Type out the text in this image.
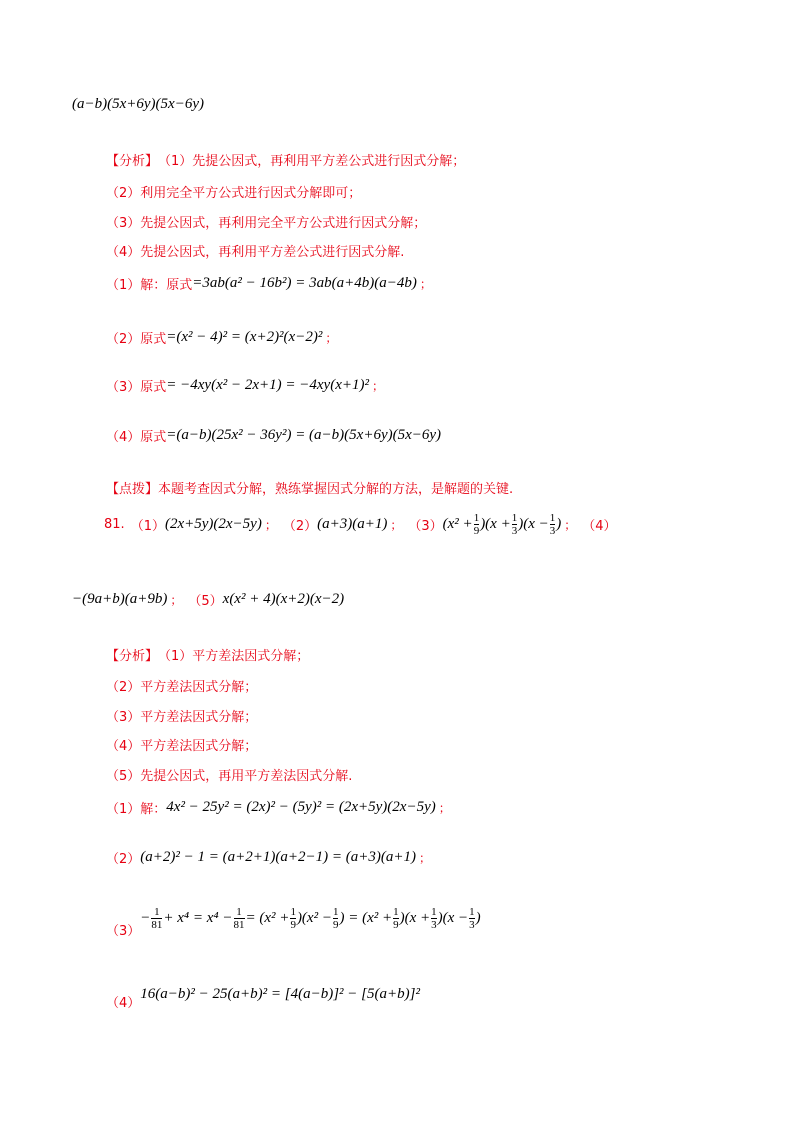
(a−b)(5x+6y)(5x−6y)
【分析】 （1）先提公因式，再利用平方差公式进行因式分解；
（2）利用完全平方公式进行因式分解即可；
（3）先提公因式，再利用完全平方公式进行因式分解；
（4）先提公因式，再利用平方差公式进行因式分解.
（1）解：原式 =3ab(a² − 16b²) = 3ab(a+4b)(a−4b) ；
（2）原式 =(x² − 4)² = (x+2)²(x−2)² ；
（3）原式 = −4xy(x² − 2x+1) = −4xy(x+1)² ；
（4）原式 =(a−b)(25x² − 36y²) = (a−b)(5x+6y)(5x−6y)
【点拨】本题考查因式分解，熟练掌握因式分解的方法，是解题的关键.
81. （1） (2x+5y)(2x−5y) ； （2） (a+3)(a+1) ； （3） $(x^2 + \frac{1}{9} )(x + \frac{1}{3} )(x - \frac{1}{3}$ ) ； （4）
−(9a+b)(a+9b) ； （5） x(x² + 4)(x+2)(x−2)
【分析】 （1）平方差法因式分解；
（2）平方差法因式分解；
（3）平方差法因式分解；
（4）平方差法因式分解；
（5）先提公因式，再用平方差法因式分解.
（1）解： 4x² − 25y² = (2x)² − (5y)² = (2x+5y)(2x−5y) ；
（2） (a+2)² − 1 = (a+2+1)(a+2−1) = (a+3)(a+1) ；
（3）
− $\frac{1}{81} + x^4 = x^4 - \frac{1}{81} = (x^2 + \frac{1}{9} )(x^2 - \frac{1}{9}$ ) = $(x^2 + \frac{1}{9} )(x + \frac{1}{3} )(x - \frac{1}{3}$ )
（4）
16(a−b)² − 25(a+b)² = [4(a−b)]² − [5(a+b)]²
